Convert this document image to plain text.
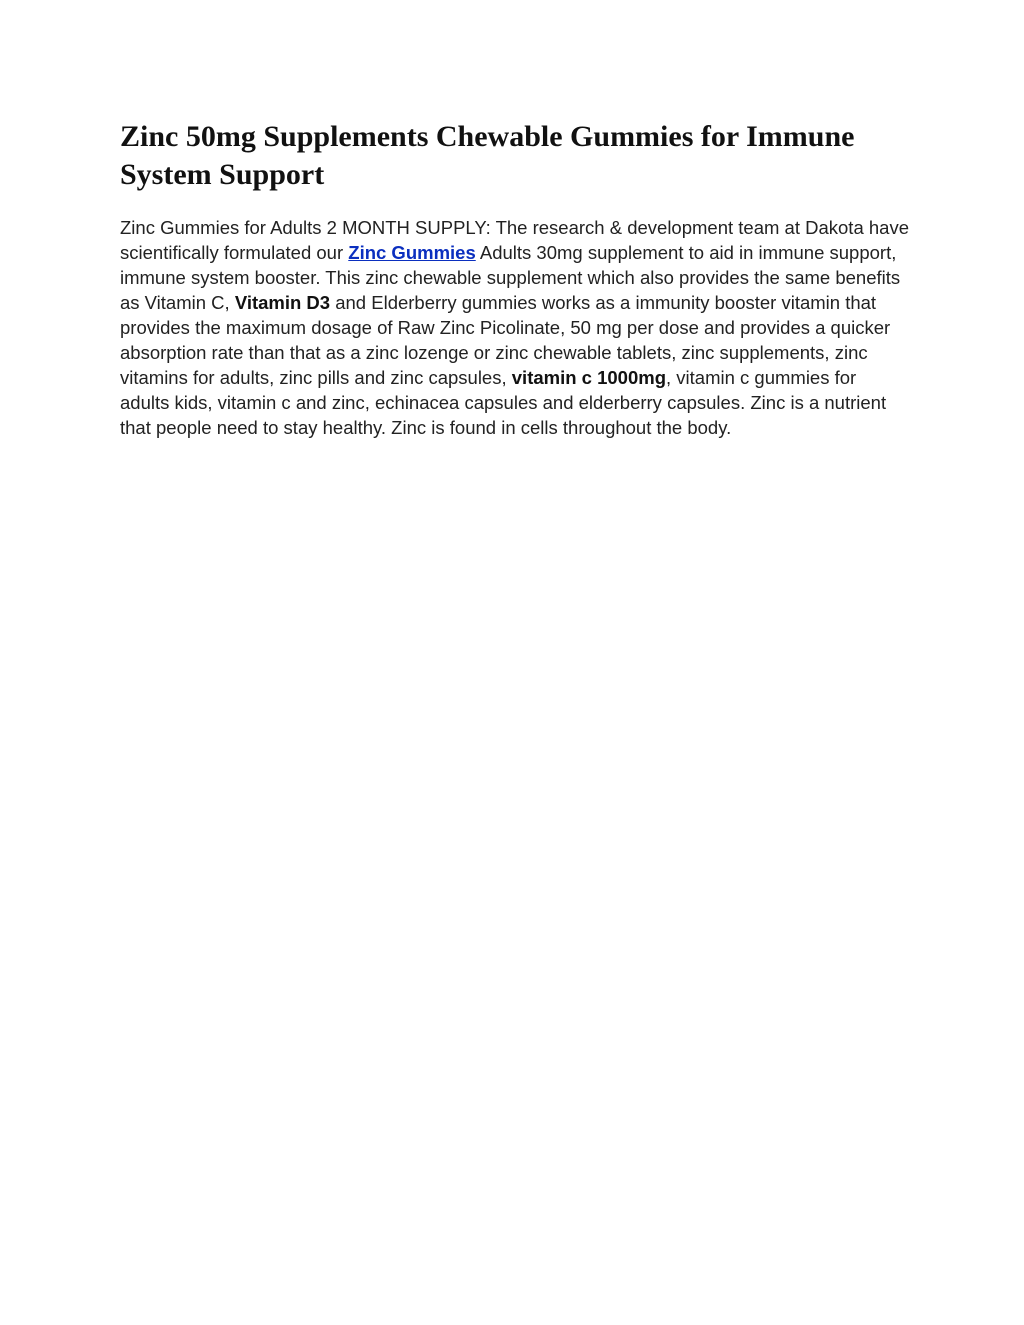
Zinc 50mg Supplements Chewable Gummies for Immune System Support

Zinc Gummies for Adults 2 MONTH SUPPLY: The research & development team at Dakota have scientifically formulated our Zinc Gummies Adults 30mg supplement to aid in immune support, immune system booster. This zinc chewable supplement which also provides the same benefits as Vitamin C, Vitamin D3 and Elderberry gummies works as a immunity booster vitamin that provides the maximum dosage of Raw Zinc Picolinate, 50 mg per dose and provides a quicker absorption rate than that as a zinc lozenge or zinc chewable tablets, zinc supplements, zinc vitamins for adults, zinc pills and zinc capsules, vitamin c 1000mg, vitamin c gummies for adults kids, vitamin c and zinc, echinacea capsules and elderberry capsules. Zinc is a nutrient that people need to stay healthy. Zinc is found in cells throughout the body.
